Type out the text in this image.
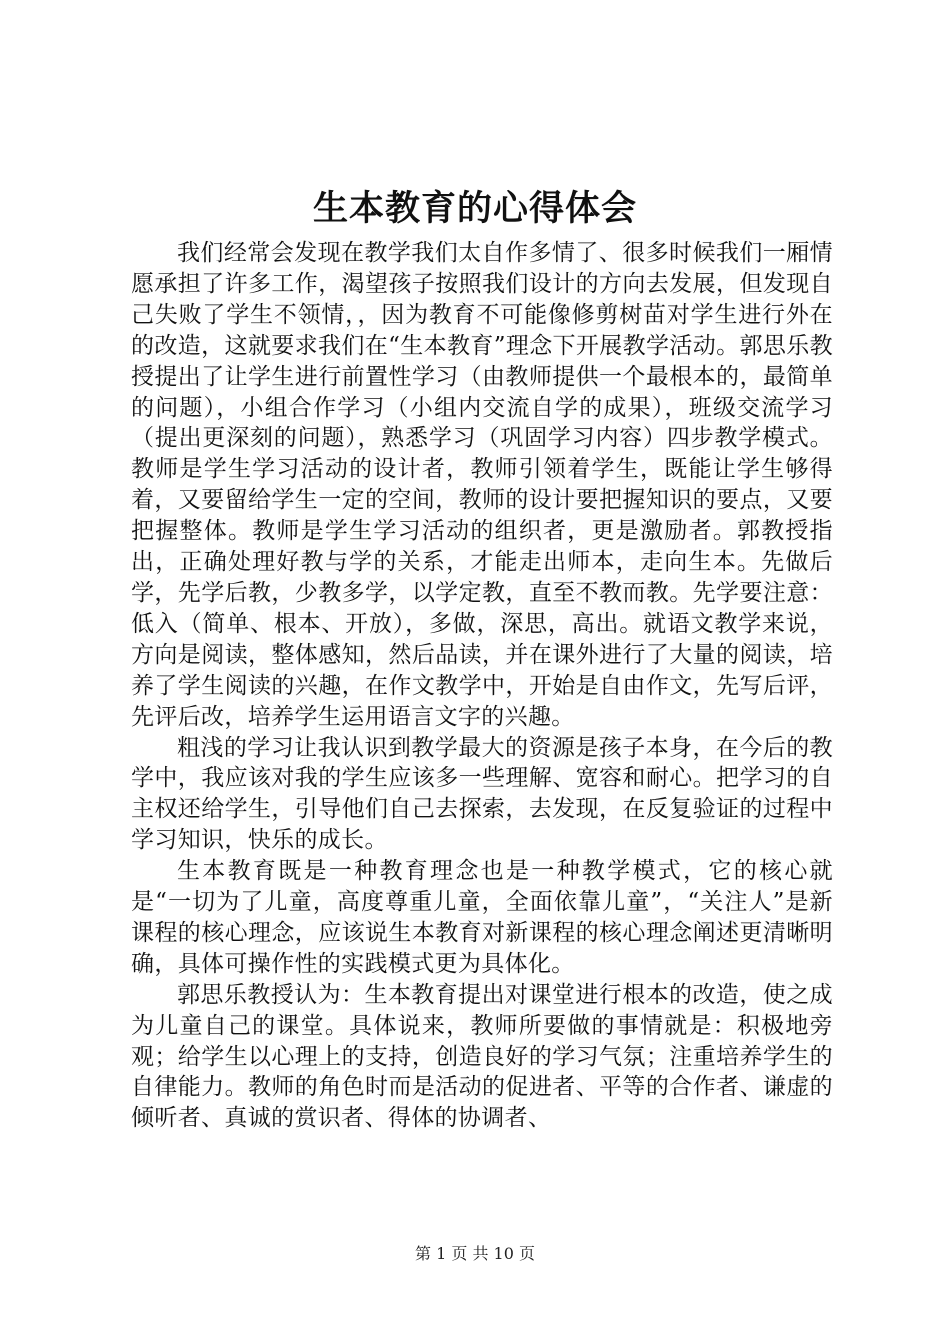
生本教育的心得体会

我们经常会发现在教学我们太自作多情了、很多时候我们一厢情愿承担了许多工作，渴望孩子按照我们设计的方向去发展，但发现自己失败了学生不领情，，因为教育不可能像修剪树苗对学生进行外在的改造，这就要求我们在“生本教育”理念下开展教学活动。郭思乐教授提出了让学生进行前置性学习（由教师提供一个最根本的，最简单的问题），小组合作学习（小组内交流自学的成果），班级交流学习（提出更深刻的问题），熟悉学习（巩固学习内容）四步教学模式。教师是学生学习活动的设计者，教师引领着学生，既能让学生够得着，又要留给学生一定的空间，教师的设计要把握知识的要点，又要把握整体。教师是学生学习活动的组织者，更是激励者。郭教授指出，正确处理好教与学的关系，才能走出师本，走向生本。先做后学，先学后教，少教多学，以学定教，直至不教而教。先学要注意：低入（简单、根本、开放），多做，深思，高出。就语文教学来说，方向是阅读，整体感知，然后品读，并在课外进行了大量的阅读，培养了学生阅读的兴趣，在作文教学中，开始是自由作文，先写后评，先评后改，培养学生运用语言文字的兴趣。

粗浅的学习让我认识到教学最大的资源是孩子本身，在今后的教学中，我应该对我的学生应该多一些理解、宽容和耐心。把学习的自主权还给学生，引导他们自己去探索，去发现，在反复验证的过程中学习知识，快乐的成长。

生本教育既是一种教育理念也是一种教学模式，它的核心就是“一切为了儿童，高度尊重儿童，全面依靠儿童”，“关注人”是新课程的核心理念，应该说生本教育对新课程的核心理念阐述更清晰明确，具体可操作性的实践模式更为具体化。

郭思乐教授认为：生本教育提出对课堂进行根本的改造，使之成为儿童自己的课堂。具体说来，教师所要做的事情就是：积极地旁观；给学生以心理上的支持，创造良好的学习气氛；注重培养学生的自律能力。教师的角色时而是活动的促进者、平等的合作者、谦虚的倾听者、真诚的赏识者、得体的协调者、

第 1 页 共 10 页
